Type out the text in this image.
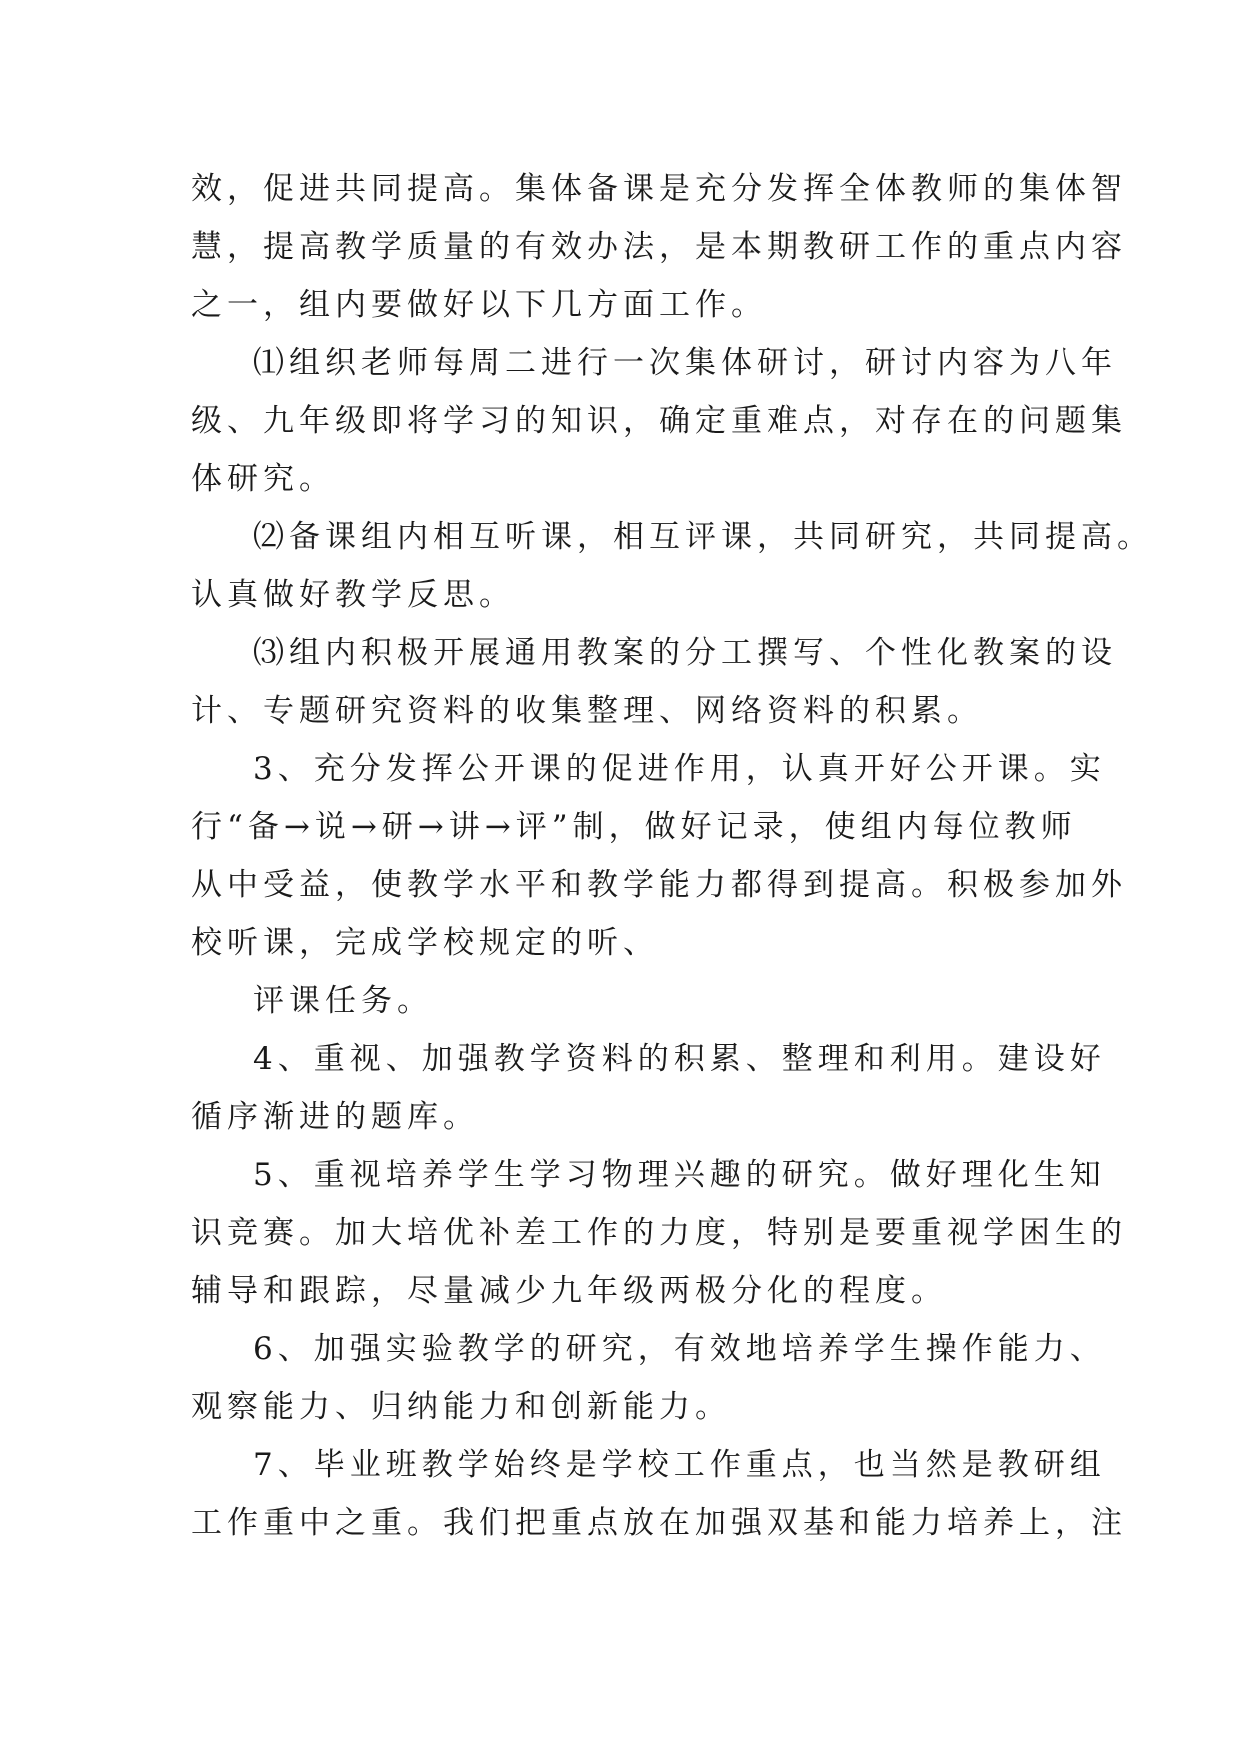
效，促进共同提高。集体备课是充分发挥全体教师的集体智
慧，提高教学质量的有效办法，是本期教研工作的重点内容
之一，组内要做好以下几方面工作。
⑴组织老师每周二进行一次集体研讨，研讨内容为八年
级、九年级即将学习的知识，确定重难点，对存在的问题集
体研究。
⑵备课组内相互听课，相互评课，共同研究，共同提高。
认真做好教学反思。
⑶组内积极开展通用教案的分工撰写、个性化教案的设
计、专题研究资料的收集整理、网络资料的积累。
3、充分发挥公开课的促进作用，认真开好公开课。实
行“备→说→研→讲→评”制，做好记录，使组内每位教师
从中受益，使教学水平和教学能力都得到提高。积极参加外
校听课，完成学校规定的听、
评课任务。
4、重视、加强教学资料的积累、整理和利用。建设好
循序渐进的题库。
5、重视培养学生学习物理兴趣的研究。做好理化生知
识竞赛。加大培优补差工作的力度，特别是要重视学困生的
辅导和跟踪，尽量减少九年级两极分化的程度。
6、加强实验教学的研究，有效地培养学生操作能力、
观察能力、归纳能力和创新能力。
7、毕业班教学始终是学校工作重点，也当然是教研组
工作重中之重。我们把重点放在加强双基和能力培养上，注
